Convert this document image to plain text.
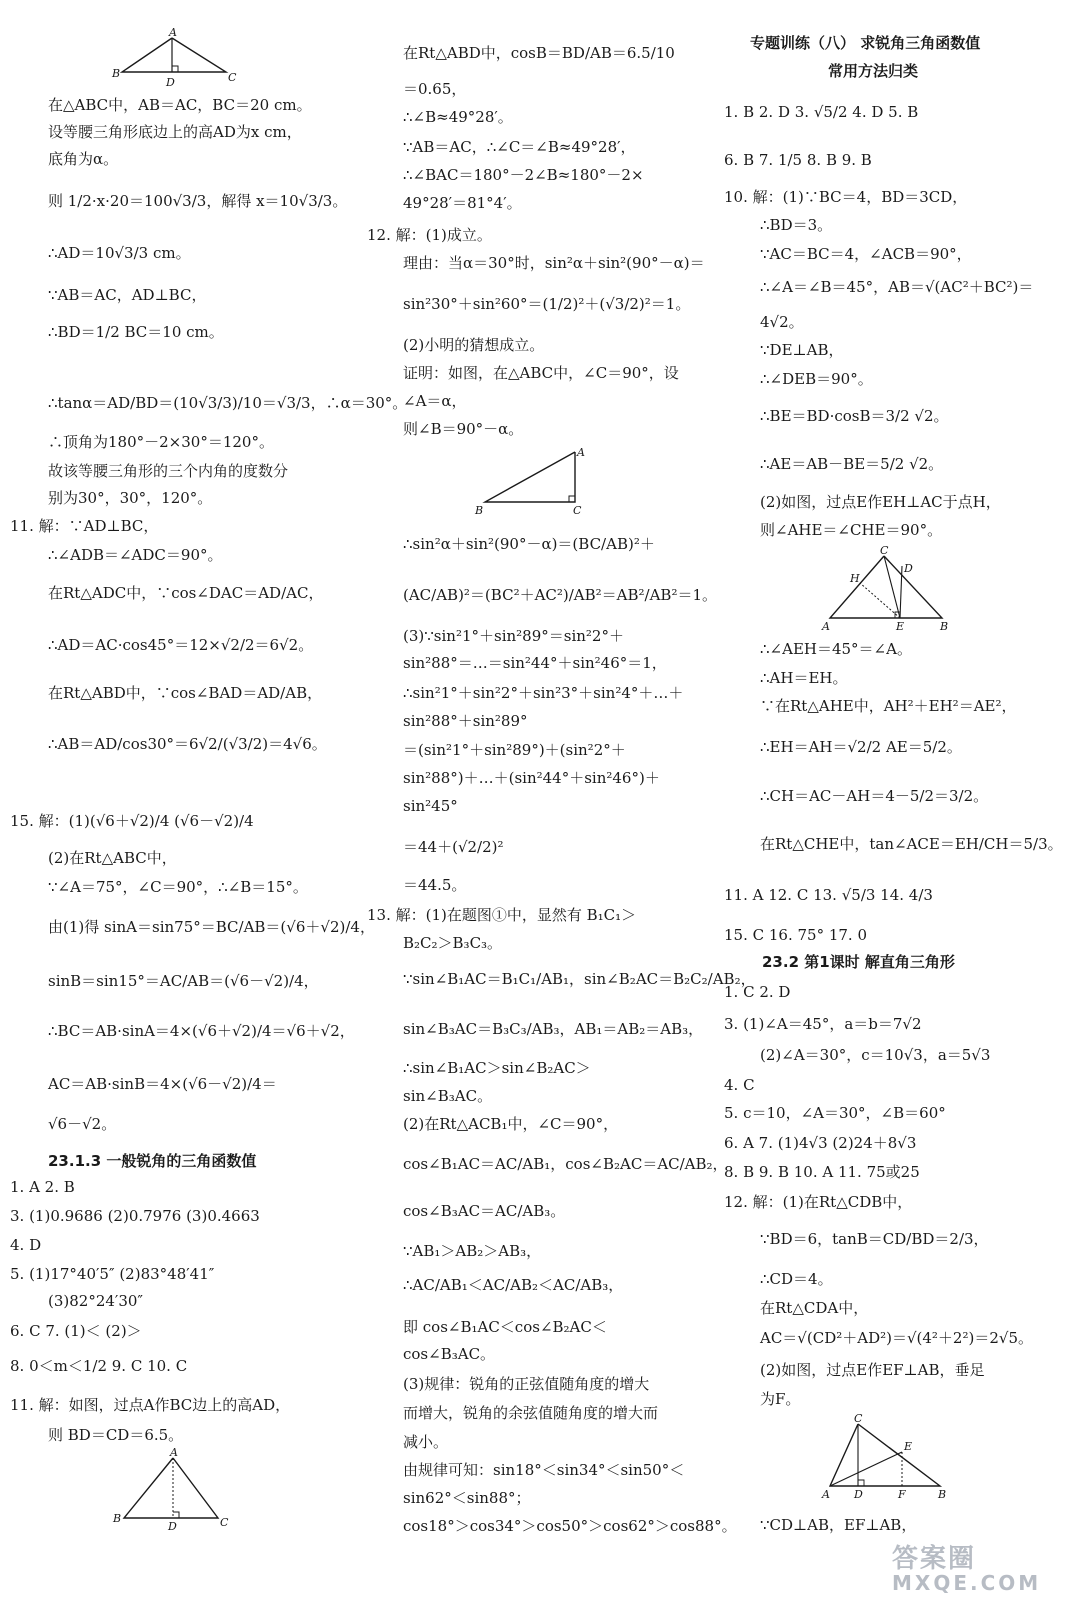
A
B
D	C
在△ABC中，AB＝AC，BC＝20 cm。
设等腰三角形底边上的高AD为x cm，
底角为α。
则 1/2·x·20＝100√3/3，解得 x＝10√3/3。
∴AD＝10√3/3 cm。
∵AB＝AC，AD⊥BC，
∴BD＝1/2 BC＝10 cm。
∴tanα＝AD/BD＝(10√3/3)/10＝√3/3，∴α＝30°。
∴顶角为180°－2×30°＝120°。
故该等腰三角形的三个内角的度数分
别为30°，30°，120°。
11. 解：∵AD⊥BC，
∴∠ADB＝∠ADC＝90°。
在Rt△ADC中，∵cos∠DAC＝AD/AC，
∴AD＝AC·cos45°＝12×√2/2＝6√2。
在Rt△ABD中，∵cos∠BAD＝AD/AB，
∴AB＝AD/cos30°＝6√2/(√3/2)＝4√6。
15. 解：(1)(√6＋√2)/4 (√6－√2)/4
(2)在Rt△ABC中，
∵∠A＝75°，∠C＝90°，∴∠B＝15°。
由(1)得 sinA＝sin75°＝BC/AB＝(√6＋√2)/4，
sinB＝sin15°＝AC/AB＝(√6－√2)/4，
∴BC＝AB·sinA＝4×(√6＋√2)/4＝√6＋√2，
AC＝AB·sinB＝4×(√6－√2)/4＝
√6－√2。
23.1.3 一般锐角的三角函数值
1. A 2. B
3. (1)0.9686 (2)0.7976 (3)0.4663
4. D
5. (1)17°40′5″ (2)83°48′41″
(3)82°24′30″
6. C 7. (1)＜ (2)＞
8. 0＜m＜1/2 9. C 10. C
11. 解：如图，过点A作BC边上的高AD，
则 BD＝CD＝6.5。
A
B
D	C
在Rt△ABD中，cosB＝BD/AB＝6.5/10
＝0.65，
∴∠B≈49°28′。
∵AB＝AC，∴∠C＝∠B≈49°28′，
∴∠BAC＝180°－2∠B≈180°－2×
49°28′＝81°4′。
12. 解：(1)成立。
理由：当α＝30°时，sin²α＋sin²(90°－α)＝
sin²30°＋sin²60°＝(1/2)²＋(√3/2)²＝1。
(2)小明的猜想成立。
证明：如图，在△ABC中，∠C＝90°，设
∠A＝α，
则∠B＝90°－α。
A
B	C
∴sin²α＋sin²(90°－α)＝(BC/AB)²＋
(AC/AB)²＝(BC²＋AC²)/AB²＝AB²/AB²＝1。
(3)∵sin²1°＋sin²89°＝sin²2°＋
sin²88°＝…＝sin²44°＋sin²46°＝1，
∴sin²1°＋sin²2°＋sin²3°＋sin²4°＋…＋
sin²88°＋sin²89°
＝(sin²1°＋sin²89°)＋(sin²2°＋
sin²88°)＋…＋(sin²44°＋sin²46°)＋
sin²45°
＝44＋(√2/2)²
＝44.5。
13. 解：(1)在题图①中，显然有 B₁C₁＞
B₂C₂＞B₃C₃。
∵sin∠B₁AC＝B₁C₁/AB₁，sin∠B₂AC＝B₂C₂/AB₂，
sin∠B₃AC＝B₃C₃/AB₃，AB₁＝AB₂＝AB₃，
∴sin∠B₁AC＞sin∠B₂AC＞
sin∠B₃AC。
(2)在Rt△ACB₁中，∠C＝90°，
cos∠B₁AC＝AC/AB₁，cos∠B₂AC＝AC/AB₂，
cos∠B₃AC＝AC/AB₃。
∵AB₁＞AB₂＞AB₃，
∴AC/AB₁＜AC/AB₂＜AC/AB₃，
即 cos∠B₁AC＜cos∠B₂AC＜
cos∠B₃AC。
(3)规律：锐角的正弦值随角度的增大
而增大，锐角的余弦值随角度的增大而
减小。
由规律可知：sin18°＜sin34°＜sin50°＜
sin62°＜sin88°；
cos18°＞cos34°＞cos50°＞cos62°＞cos88°。
专题训练（八） 求锐角三角函数值
常用方法归类
1. B 2. D 3. √5/2 4. D 5. B
6. B 7. 1/5 8. B 9. B
10. 解：(1)∵BC＝4，BD＝3CD，
∴BD＝3。
∵AC＝BC＝4，∠ACB＝90°，
∴∠A＝∠B＝45°，AB＝√(AC²＋BC²)＝
4√2。
∵DE⊥AB，
∴∠DEB＝90°。
∴BE＝BD·cosB＝3/2 √2。
∴AE＝AB－BE＝5/2 √2。
(2)如图，过点E作EH⊥AC于点H，
则∠AHE＝∠CHE＝90°。
C
H
D
A	E	B
∴∠AEH＝45°＝∠A。
∴AH＝EH。
∵在Rt△AHE中，AH²＋EH²＝AE²，
∴EH＝AH＝√2/2 AE＝5/2。
∴CH＝AC－AH＝4－5/2＝3/2。
在Rt△CHE中，tan∠ACE＝EH/CH＝5/3。
11. A 12. C 13. √5/3 14. 4/3
15. C 16. 75° 17. 0
23.2 第1课时 解直角三角形
1. C 2. D
3. (1)∠A＝45°，a＝b＝7√2
(2)∠A＝30°，c＝10√3，a＝5√3
4. C
5. c＝10，∠A＝30°，∠B＝60°
6. A 7. (1)4√3 (2)24＋8√3
8. B 9. B 10. A 11. 75或25
12. 解：(1)在Rt△CDB中，
∵BD＝6，tanB＝CD/BD＝2/3，
∴CD＝4。
在Rt△CDA中，
AC＝√(CD²＋AD²)＝√(4²＋2²)＝2√5。
(2)如图，过点E作EF⊥AB，垂足
为F。
C
E
A D	F	B
∵CD⊥AB，EF⊥AB，
答案圈
MXQE.COM
